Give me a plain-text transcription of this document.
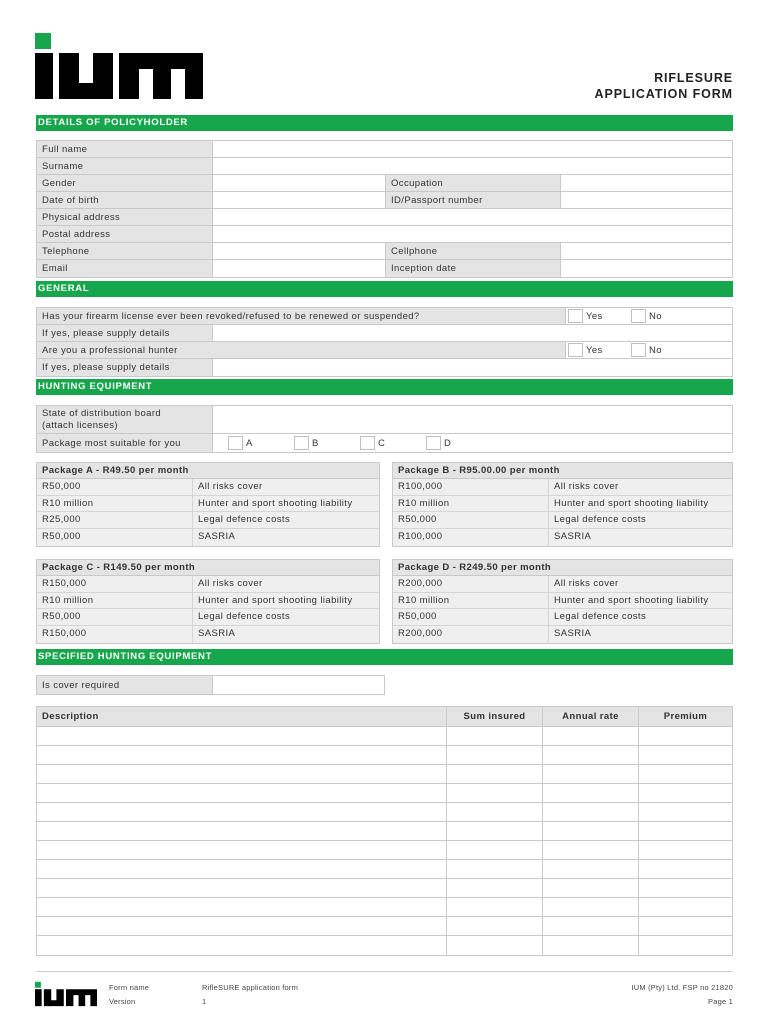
RIFLESURE
APPLICATION FORM
DETAILS OF POLICYHOLDER
Full name
Surname
Gender	Occupation
Date of birth	ID/Passport number
Physical address
Postal address
Telephone	Cellphone
Email	Inception date
GENERAL
Has your firearm license ever been revoked/refused to be renewed or suspended?	Yes	No
If yes, please supply details
Are you a professional hunter	Yes	No
If yes, please supply details
HUNTING EQUIPMENT
State of distribution board
(attach licenses)
Package most suitable for you	A	B	C	D
Package A - R49.50 per month
R50,000	All risks cover
R10 million	Hunter and sport shooting liability
R25,000	Legal defence costs
R50,000	SASRIA
Package B - R95.00.00 per month
R100,000	All risks cover
R10 million	Hunter and sport shooting liability
R50,000	Legal defence costs
R100,000	SASRIA
Package C - R149.50 per month
R150,000	All risks cover
R10 million	Hunter and sport shooting liability
R50,000	Legal defence costs
R150,000	SASRIA
Package D - R249.50 per month
R200,000	All risks cover
R10 million	Hunter and sport shooting liability
R50,000	Legal defence costs
R200,000	SASRIA
SPECIFIED HUNTING EQUIPMENT
Is cover required
Description	Sum insured	Annual rate	Premium
Form name	RifleSURE application form
Version	1
IUM (Pty) Ltd. FSP no 21820
Page 1
